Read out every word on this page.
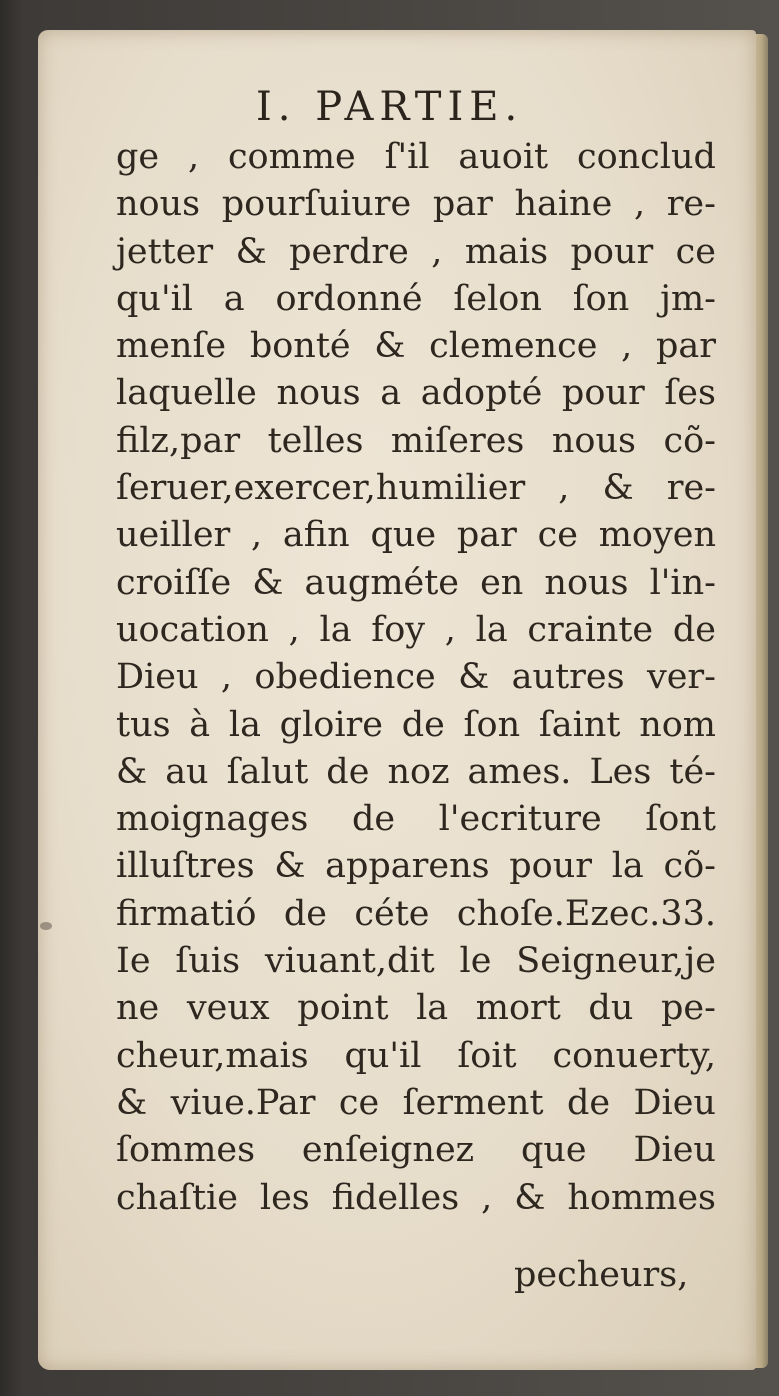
I. PARTIE.
ge , comme ſ'il auoit conclud
nous pourſuiure par haine , re-
jetter & perdre , mais pour ce
qu'il a ordonné ſelon ſon jm-
menſe bonté & clemence , par
laquelle nous a adopté pour ſes
filz,par telles miſeres nous cõ-
ſeruer,exercer,humilier , & re-
ueiller , afin que par ce moyen
croiſſe & augméte en nous l'in-
uocation , la foy , la crainte de
Dieu , obedience & autres ver-
tus à la gloire de ſon ſaint nom
& au ſalut de noz ames. Les té-
moignages de l'ecriture ſont
illuſtres & apparens pour la cõ-
firmatió de céte choſe.Ezec.33.
Ie ſuis viuant,dit le Seigneur,je
ne veux point la mort du pe-
cheur,mais qu'il ſoit conuerty,
& viue.Par ce ſerment de Dieu
ſommes enſeignez que Dieu
chaſtie les fidelles , & hommes
pecheurs,
